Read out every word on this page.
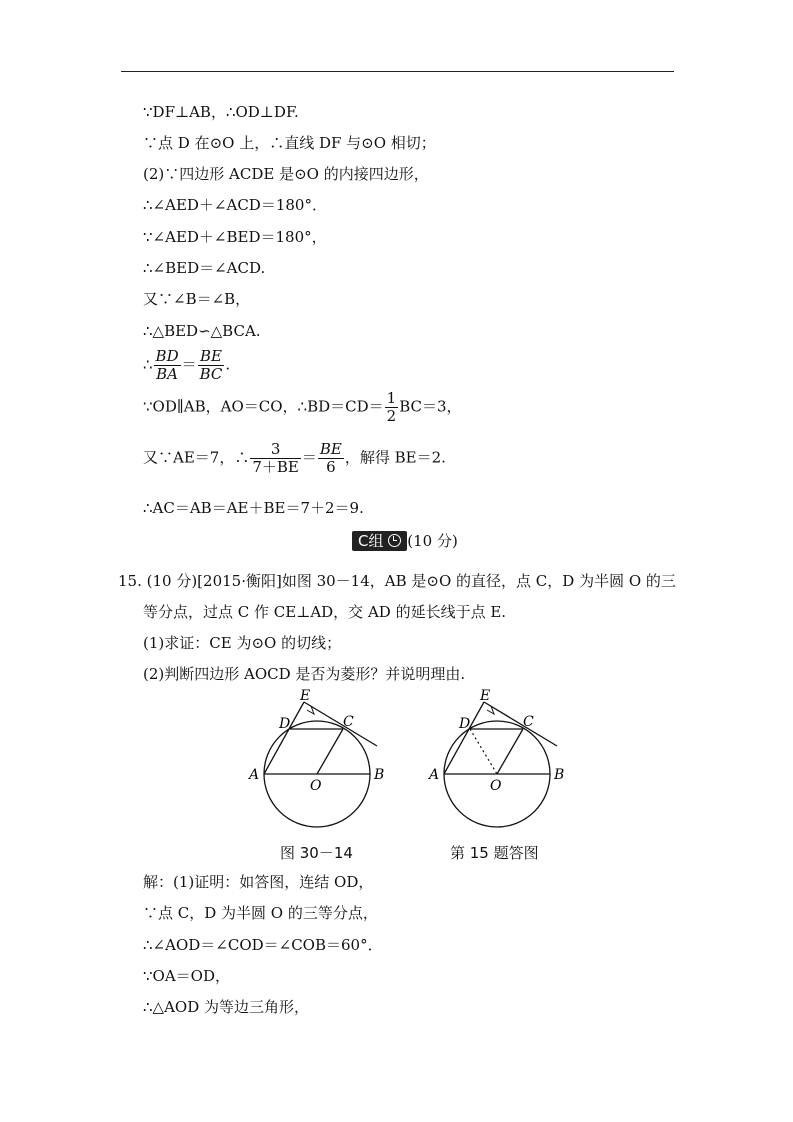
∵DF⊥AB，∴OD⊥DF.
∵点 D 在⊙O 上，∴直线 DF 与⊙O 相切；
(2)∵四边形 ACDE 是⊙O 的内接四边形，
∴∠AED＋∠ACD＝180°．
∵∠AED＋∠BED＝180°，
∴∠BED＝∠ACD.
又∵∠B＝∠B，
∴△BED∽△BCA.
∴ $\frac{BD}{BA} = \frac{BE}{BC}$ .
∵OD∥AB，AO＝CO，∴BD＝CD＝ $\frac{1}{2} BC=3$，
又∵AE＝7，∴ $\frac{3}{7+BE} = \frac{BE}{6}$ ，解得 BE＝2.
∴AC＝AB＝AE＋BE＝7＋2＝9.
C组 (10 分)
15. (10 分)[2015·衡阳]如图 30－14，AB 是⊙O 的直径，点 C，D 为半圆 O 的三
等分点，过点 C 作 CE⊥AD，交 AD 的延长线于点 E.
(1)求证：CE 为⊙O 的切线；
(2)判断四边形 AOCD 是否为菱形？并说明理由.
E
D	C
A	B
O
图 30－14
E
D	C
A	B
O
第 15 题答图
解：(1)证明：如答图，连结 OD，
∵点 C，D 为半圆 O 的三等分点，
∴∠AOD＝∠COD＝∠COB＝60°．
∵OA＝OD，
∴△AOD 为等边三角形，
